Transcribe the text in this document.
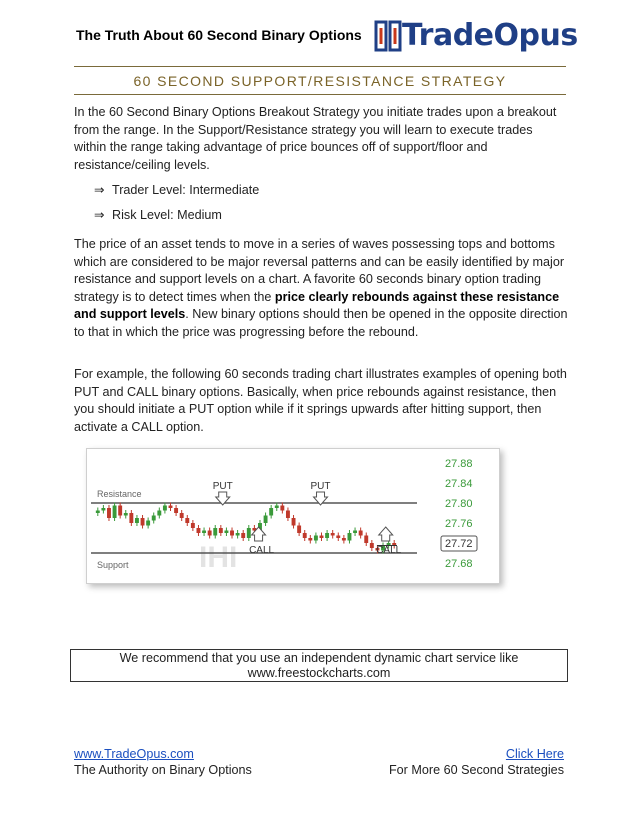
The Truth About 60 Second Binary Options TradeOpus
60 SECOND SUPPORT/RESISTANCE STRATEGY
In the 60 Second Binary Options Breakout Strategy you initiate trades upon a breakout from the range. In the Support/Resistance strategy you will learn to execute trades within the range taking advantage of price bounces off of support/floor and resistance/ceiling levels.
⇒ Trader Level: Intermediate
⇒ Risk Level: Medium
The price of an asset tends to move in a series of waves possessing tops and bottoms which are considered to be major reversal patterns and can be easily identified by major resistance and support levels on a chart. A favorite 60 seconds binary option trading strategy is to detect times when the price clearly rebounds against these resistance and support levels. New binary options should then be opened in the opposite direction to that in which the price was progressing before the rebound.
For example, the following 60 seconds trading chart illustrates examples of opening both PUT and CALL binary options. Basically, when price rebounds against resistance, then you should initiate a PUT option while if it springs upwards after hitting support, then activate a CALL option.
IHI
Resistance
Support
PUT	PUT
CALL	CALL
27.88
27.84
27.80
27.76
27.72
27.68
We recommend that you use an independent dynamic chart service like
www.freestockcharts.com
www.TradeOpus.com
The Authority on Binary Options
Click Here
For More 60 Second Strategies
